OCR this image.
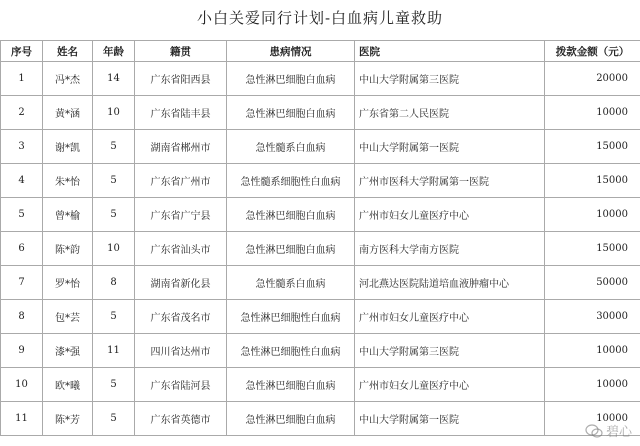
小白关爱同行计划-白血病儿童救助
序号	姓名	年龄	籍贯	患病情况	医院	拨款金额（元）
1	冯*杰	14	广东省阳西县	急性淋巴细胞白血病	中山大学附属第三医院	20000
2	黄*涵	10	广东省陆丰县	急性淋巴细胞白血病	广东省第二人民医院	10000
3	谢*凯	5	湖南省郴州市	急性髓系白血病	中山大学附属第一医院	15000
4	朱*怡	5	广东省广州市	急性髓系细胞性白血病	广州市医科大学附属第一医院	15000
5	曾*榆	5	广东省广宁县	急性淋巴细胞白血病	广州市妇女儿童医疗中心	10000
6	陈*韵	10	广东省汕头市	急性淋巴细胞白血病	南方医科大学南方医院	15000
7	罗*怡	8	湖南省新化县	急性髓系白血病	河北燕达医院陆道培血液肿瘤中心	50000
8	包*芸	5	广东省茂名市	急性淋巴细胞性白血病	广州市妇女儿童医疗中心	30000
9	漆*强	11	四川省达州市	急性淋巴细胞性白血病	中山大学附属第三医院	10000
10	欧*曦	5	广东省陆河县	急性淋巴细胞白血病	广州市妇女儿童医疗中心	10000
11	陈*芳	5	广东省英德市	急性淋巴细胞白血病	中山大学附属第一医院	10000
碧心
